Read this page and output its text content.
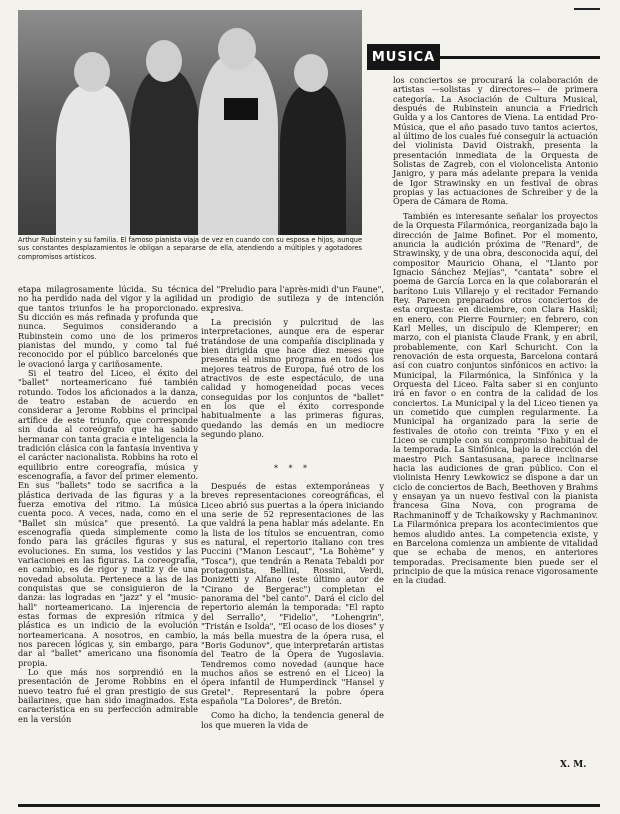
Arthur Rubinstein y su familia. El famoso pianista viaja de vez en cuando con su esposa e hijos, aunque sus constantes desplazamientos le obligan a separarse de ella, atendiendo a múltiples y agotadores compromisos artísticos.

MUSICA

etapa milagrosamente lúcida. Su técnica no ha perdido nada del vigor y la agilidad que tantos triunfos le ha proporcionado. Su dicción es más refinada y profunda que nunca. Seguimos considerando a Rubinstein como uno de los primeros pianistas del mundo, y como tal fué reconocido por el público barcelonés que le ovacionó larga y cariñosamente.

Si el teatro del Liceo, el éxito del "ballet" norteamericano fué también rotundo. Todos los aficionados a la danza, de teatro estaban de acuerdo en considerar a Jerome Robbins el principal artífice de este triunfo, que corresponde sin duda al coreógrafo que ha sabido hermanar con tanta gracia e inteligencia la tradición clásica con la fantasía inventiva y el carácter nacionalista. Robbins ha roto el equilibrio entre coreografía, música y escenografía, a favor del primer elemento. En sus "ballets" todo se sacrifica a la plástica derivada de las figuras y a la fuerza emotiva del ritmo. La música cuenta poco. A veces, nada, como en el "Ballet sin música" que presentó. La escenografía queda simplemente como fondo para las gráciles figuras y sus evoluciones. En suma, los vestidos y las variaciones en las figuras. La coreografía, en cambio, es de rigor y matiz y de una novedad absoluta. Pertenece a las de las conquistas que se consiguieron de la danza: las logradas en "jazz" y el "music-hall" norteamericano. La injerencia de estas formas de expresión rítmica y plástica es un indicio de la evolución norteamericana. A nosotros, en cambio, nos parecen lógicas y, sin embargo, para dar al "ballet" americano una fisonomía propia.

Lo que más nos sorprendió en la presentación de Jerome Robbins en el nuevo teatro fué el gran prestigio de sus bailarines, que han sido imaginados. Esta característica en su perfección admirable en la versión

del "Preludio para l'après-midi d'un Faune", un prodigio de sutileza y de intención expresiva.

La precisión y pulcritud de las interpretaciones, aunque era de esperar tratándose de una compañía disciplinada y bien dirigida que hace diez meses que presenta el mismo programa en todos los mejores teatros de Europa, fué otro de los atractivos de este espectáculo, de una calidad y homogeneidad pocas veces conseguidas por los conjuntos de "ballet" en los que el éxito corresponde habitualmente a las primeras figuras, quedando las demás en un mediocre segundo plano.

* * *

Después de estas extemporáneas y breves representaciones coreográficas, el Liceo abrió sus puertas a la ópera iniciando una serie de 52 representaciones de las que valdrá la pena hablar más adelante. En la lista de los títulos se encuentran, como es natural, el repertorio italiano con tres Puccini ("Manon Lescaut", "La Bohème" y "Tosca"), que tendrán a Renata Tebaldi por protagonista, Bellini, Rossini, Verdi, Donizetti y Alfano (este último autor de "Cirano de Bergerac") completan el panorama del "bel canto". Dará el ciclo del repertorio alemán la temporada: "El rapto del Serrallo", "Fidelio", "Lohengrin", "Tristán e Isolda", "El ocaso de los dioses" y la más bella muestra de la ópera rusa, el "Boris Godunov", que interpretarán artistas del Teatro de la Ópera de Yugoslavia. Tendremos como novedad (aunque hace muchos años se estrenó en el Liceo) la ópera infantil de Humperdinck "Hansel y Gretel". Representará la pobre ópera española "La Dolores", de Bretón.

Como ha dicho, la tendencia general de los que mueren la vida de

los conciertos se procurará la colaboración de artistas —solistas y directores— de primera categoría. La Asociación de Cultura Musical, después de Rubinstein anuncia a Friedrich Gulda y a los Cantores de Viena. La entidad Pro-Música, que el año pasado tuvo tantos aciertos, al último de los cuales fué conseguir la actuación del violinista David Oistrakh, presenta la presentación inmediata de la Orquesta de Solistas de Zagreb, con el violoncelista Antonio Janigro, y para más adelante prepara la venida de Igor Strawinsky en un festival de obras propias y las actuaciones de Schreiber y de la Ópera de Cámara de Roma.

También es interesante señalar los proyectos de la Orquesta Filarmónica, reorganizada bajo la dirección de Jaime Bofinet. Por el momento, anuncia la audición próxima de "Renard", de Strawinsky, y de una obra, desconocida aquí, del compositor Mauricio Ohana, el "Llanto por Ignacio Sánchez Mejías", "cantata" sobre el poema de García Lorca en la que colaborarán el barítono Luis Villarejo y el recitador Fernando Rey. Parecen preparados otros conciertos de esta orquesta: en diciembre, con Clara Haskil; en enero, con Pierre Fournier; en febrero, con Karl Melles, un discípulo de Klemperer; en marzo, con el pianista Claude Frank, y en abril, probablemente, con Karl Schuricht. Con la renovación de esta orquesta, Barcelona contará así con cuatro conjuntos sinfónicos en activo: la Municipal, la Filarmónica, la Sinfónica y la Orquesta del Liceo. Falta saber si en conjunto irá en favor o en contra de la calidad de los conciertos. La Municipal y la del Liceo tienen ya un cometido que cumplen regularmente. La Municipal ha organizado para la serie de festivales de otoño con treinta "Fixo y en el Liceo se cumple con su compromiso habitual de la temporada. La Sinfónica, bajo la dirección del maestro Pich Santasusana, parece inclinarse hacia las audiciones de gran público. Con el violinista Henry Lewkowicz se dispone a dar un ciclo de conciertos de Bach, Beethoven y Brahms y ensayan ya un nuevo festival con la pianista francesa Gina Nova, con programa de Rachmaninoff y de Tchaikowsky y Rachmaninov. La Filarmónica prepara los acontecimientos que hemos aludido antes. La competencia existe, y en Barcelona comienza un ambiente de vitalidad que se echaba de menos, en anteriores temporadas. Precisamente bien puede ser el principio de que la música renace vigorosamente en la ciudad.

X. M.
